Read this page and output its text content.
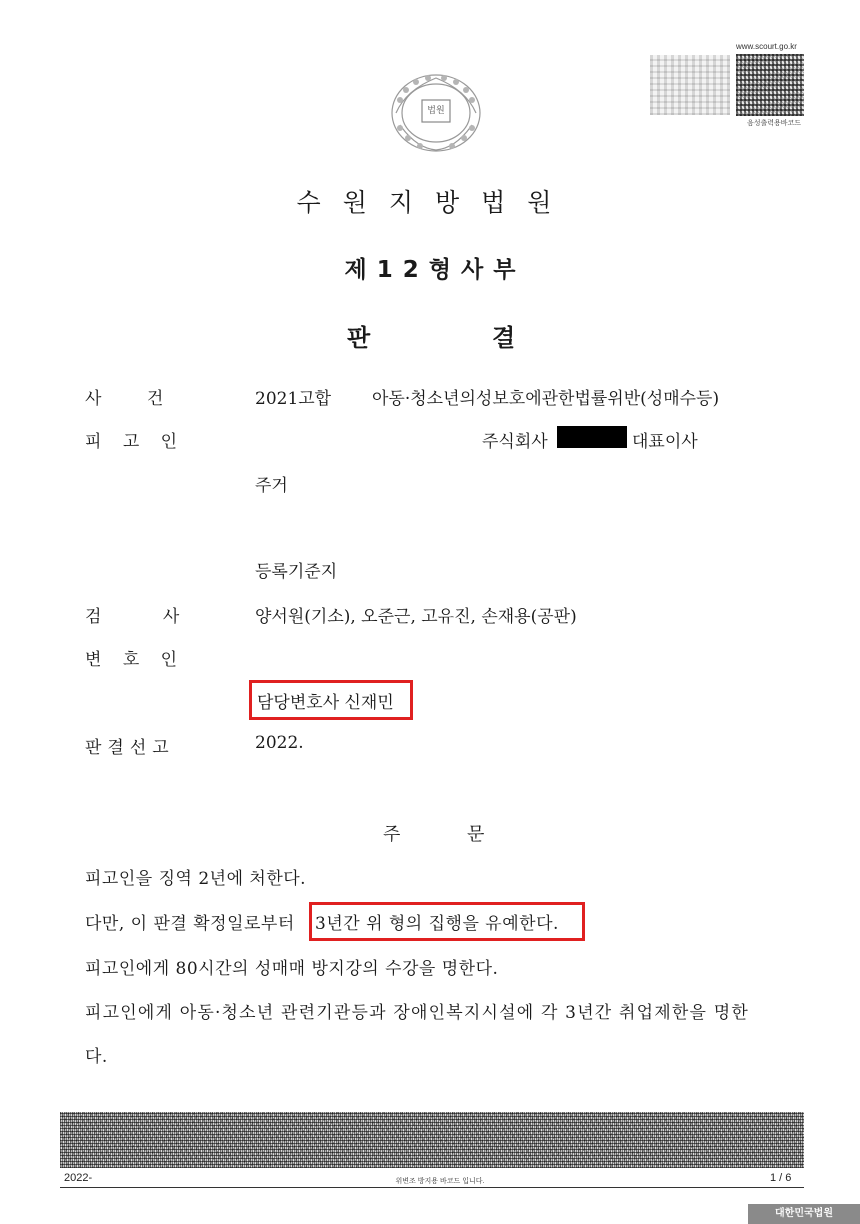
법원
www.scourt.go.kr
음성출력용바코드
수원지방법원
제12형사부
판	결
사 건	2021고합 아동·청소년의성보호에관한법률위반(성매수등)
피 고 인	주식회사	대표이사
주거
등록기준지
검 사	양서원(기소), 오준근, 고유진, 손재용(공판)
변 호 인
담당변호사 신재민
판결선고	2022.
주	문
피고인을 징역 2년에 처한다.
다만, 이 판결 확정일로부터 3년간 위 형의 집행을 유예한다.
피고인에게 80시간의 성매매 방지강의 수강을 명한다.
피고인에게 아동·청소년 관련기관등과 장애인복지시설에 각 3년간 취업제한을 명한
다.
2022-	위변조 방지용 바코드 입니다.	1 / 6
대한민국법원
